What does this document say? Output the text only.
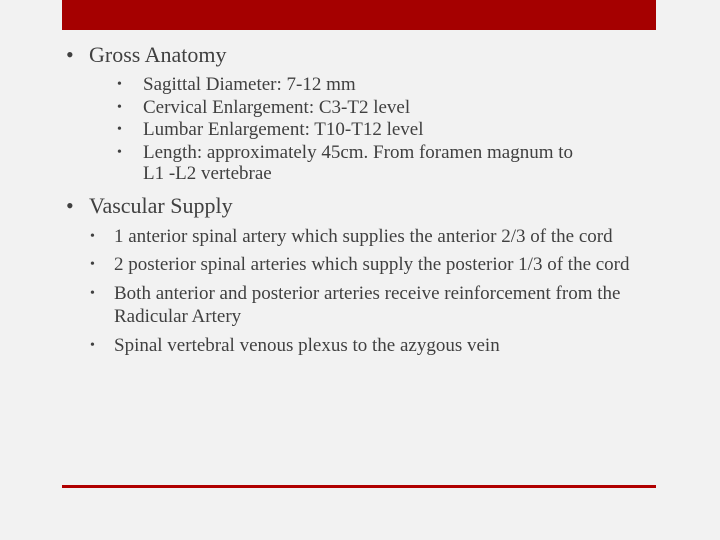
• Gross Anatomy
• Sagittal Diameter: 7-12 mm
• Cervical Enlargement: C3-T2 level
• Lumbar Enlargement: T10-T12 level
• Length: approximately 45cm. From foramen magnum to L1 -L2 vertebrae
• Vascular Supply
• 1 anterior spinal artery which supplies the anterior 2/3 of the cord
• 2 posterior spinal arteries which supply the posterior 1/3 of the cord
• Both anterior and posterior arteries receive reinforcement from the Radicular Artery
• Spinal vertebral venous plexus to the azygous vein
